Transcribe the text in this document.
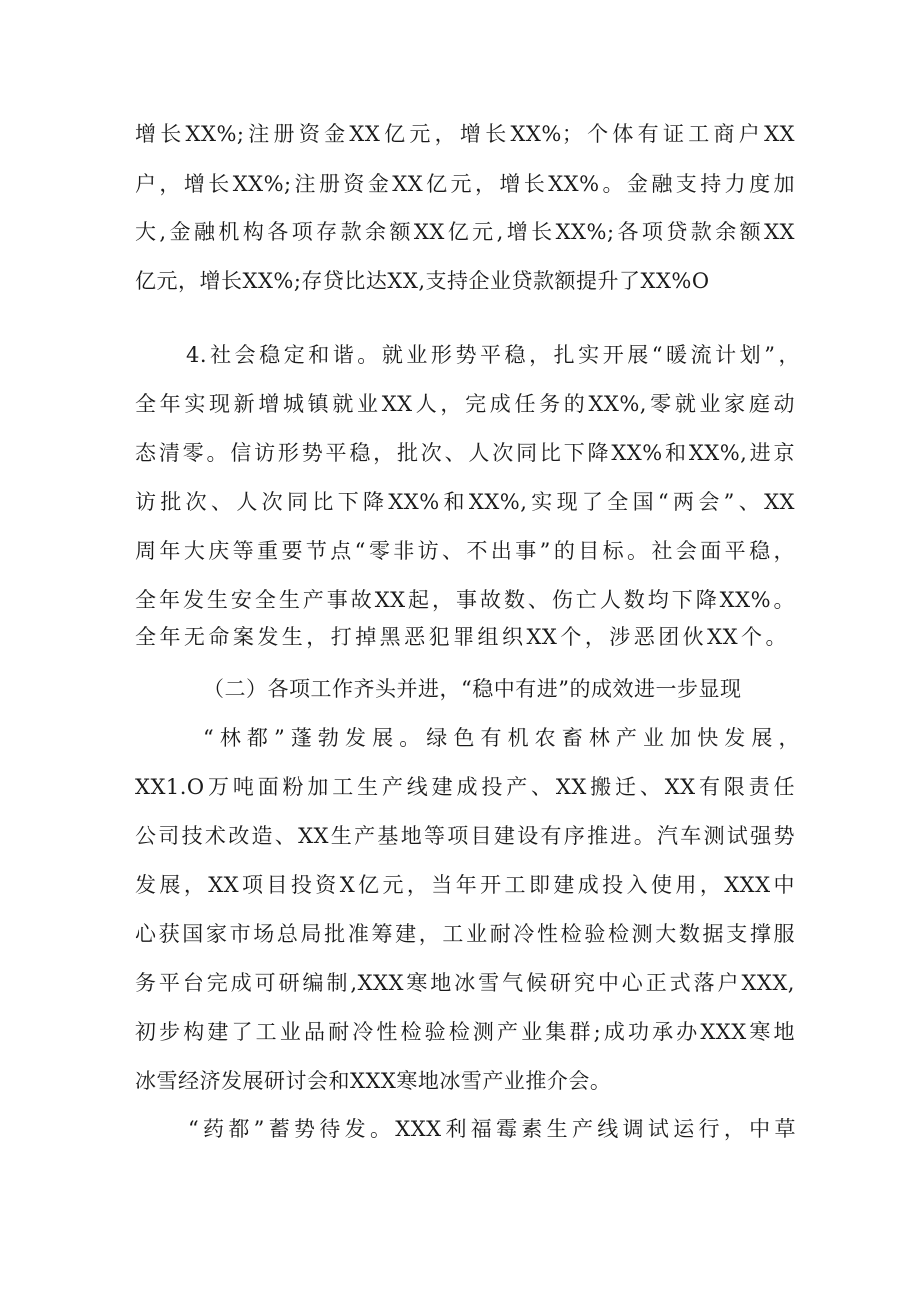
增长XX%;注册资金XX亿元，增长XX%；个体有证工商户XX
户，增长XX%;注册资金XX亿元，增长XX%。金融支持力度加
大,金融机构各项存款余额XX亿元,增长XX%;各项贷款余额XX
亿元，增长XX%;存贷比达XX,支持企业贷款额提升了XX%O
4.社会稳定和谐。就业形势平稳，扎实开展“暖流计划”，
全年实现新增城镇就业XX人，完成任务的XX%,零就业家庭动
态清零。信访形势平稳，批次、人次同比下降XX%和XX%,进京
访批次、人次同比下降XX%和XX%,实现了全国“两会”、XX
周年大庆等重要节点“零非访、不出事”的目标。社会面平稳，
全年发生安全生产事故XX起，事故数、伤亡人数均下降XX%。
全年无命案发生，打掉黑恶犯罪组织XX个，涉恶团伙XX个。
（二）各项工作齐头并进，“稳中有进”的成效进一步显现
“林都”蓬勃发展。绿色有机农畜林产业加快发展，
XX1.O万吨面粉加工生产线建成投产、XX搬迁、XX有限责任
公司技术改造、XX生产基地等项目建设有序推进。汽车测试强势
发展，XX项目投资X亿元，当年开工即建成投入使用，XXX中
心获国家市场总局批准筹建，工业耐冷性检验检测大数据支撑服
务平台完成可研编制,XXX寒地冰雪气候研究中心正式落户XXX,
初步构建了工业品耐冷性检验检测产业集群;成功承办XXX寒地
冰雪经济发展研讨会和XXX寒地冰雪产业推介会。
“药都”蓄势待发。XXX利福霉素生产线调试运行，中草
